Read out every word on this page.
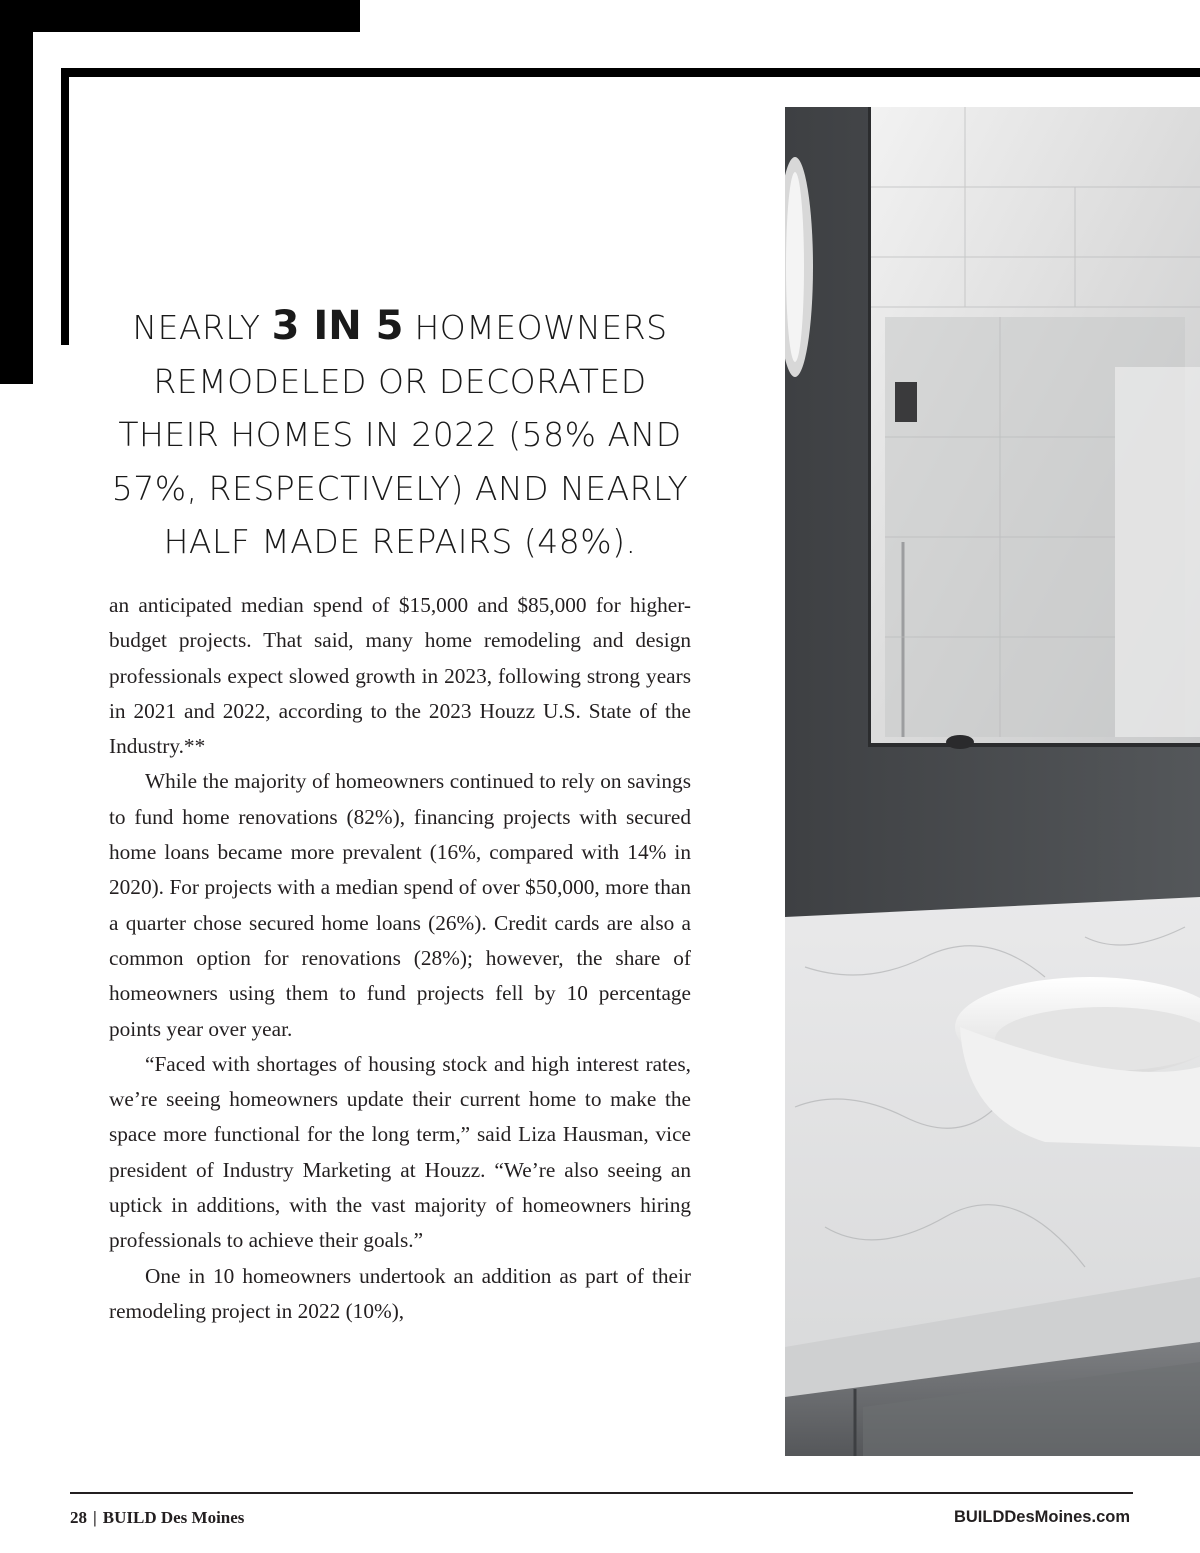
NEARLY 3 IN 5 HOMEOWNERS REMODELED OR DECORATED THEIR HOMES IN 2022 (58% AND 57%, RESPECTIVELY) AND NEARLY HALF MADE REPAIRS (48%).

an anticipated median spend of $15,000 and $85,000 for higher-budget projects. That said, many home remodeling and design professionals expect slowed growth in 2023, following strong years in 2021 and 2022, according to the 2023 Houzz U.S. State of the Industry.**

While the majority of homeowners continued to rely on savings to fund home renovations (82%), financing projects with secured home loans became more prevalent (16%, compared with 14% in 2020). For projects with a median spend of over $50,000, more than a quarter chose secured home loans (26%). Credit cards are also a common option for renovations (28%); however, the share of homeowners using them to fund projects fell by 10 percentage points year over year.

“Faced with shortages of housing stock and high interest rates, we’re seeing homeowners update their current home to make the space more functional for the long term,” said Liza Hausman, vice president of Industry Marketing at Houzz. “We’re also seeing an uptick in additions, with the vast majority of homeowners hiring professionals to achieve their goals.”

One in 10 homeowners undertook an addition as part of their remodeling project in 2022 (10%),

28 | BUILD Des Moines	BUILDDesMoines.com
